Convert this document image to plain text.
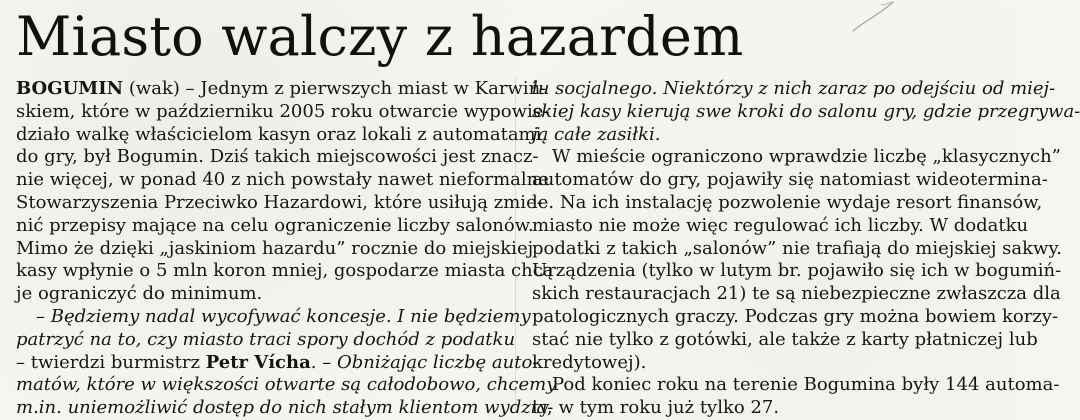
Miasto walczy z hazardem
BOGUMIN (wak) – Jednym z pierwszych miast w Karwiń-
skiem, które w październiku 2005 roku otwarcie wypowie-
działo walkę właścicielom kasyn oraz lokali z automatami
do gry, był Bogumin. Dziś takich miejscowości jest znacz-
nie więcej, w ponad 40 z nich powstały nawet nieformalne
Stowarzyszenia Przeciwko Hazardowi, które usiłują zmie-
nić przepisy mające na celu ograniczenie liczby salonów.
Mimo że dzięki „jaskiniom hazardu” rocznie do miejskiej
kasy wpłynie o 5 mln koron mniej, gospodarze miasta chcą
je ograniczyć do minimum.
– Będziemy nadal wycofywać koncesje. I nie będziemy
patrzyć na to, czy miasto traci spory dochód z podatku
– twierdzi burmistrz Petr Vícha. – Obniżając liczbę auto-
matów, które w większości otwarte są całodobowo, chcemy
m.in. uniemożliwić dostęp do nich stałym klientom wydzia-
łu socjalnego. Niektórzy z nich zaraz po odejściu od miej-
skiej kasy kierują swe kroki do salonu gry, gdzie przegrywa-
ją całe zasiłki.
W mieście ograniczono wprawdzie liczbę „klasycznych”
automatów do gry, pojawiły się natomiast wideotermina-
le. Na ich instalację pozwolenie wydaje resort finansów,
miasto nie może więc regulować ich liczby. W dodatku
podatki z takich „salonów” nie trafiają do miejskiej sakwy.
Urządzenia (tylko w lutym br. pojawiło się ich w bogumiń-
skich restauracjach 21) te są niebezpieczne zwłaszcza dla
patologicznych graczy. Podczas gry można bowiem korzy-
stać nie tylko z gotówki, ale także z karty płatniczej lub
kredytowej).
Pod koniec roku na terenie Bogumina były 144 automa-
ty, w tym roku już tylko 27.
